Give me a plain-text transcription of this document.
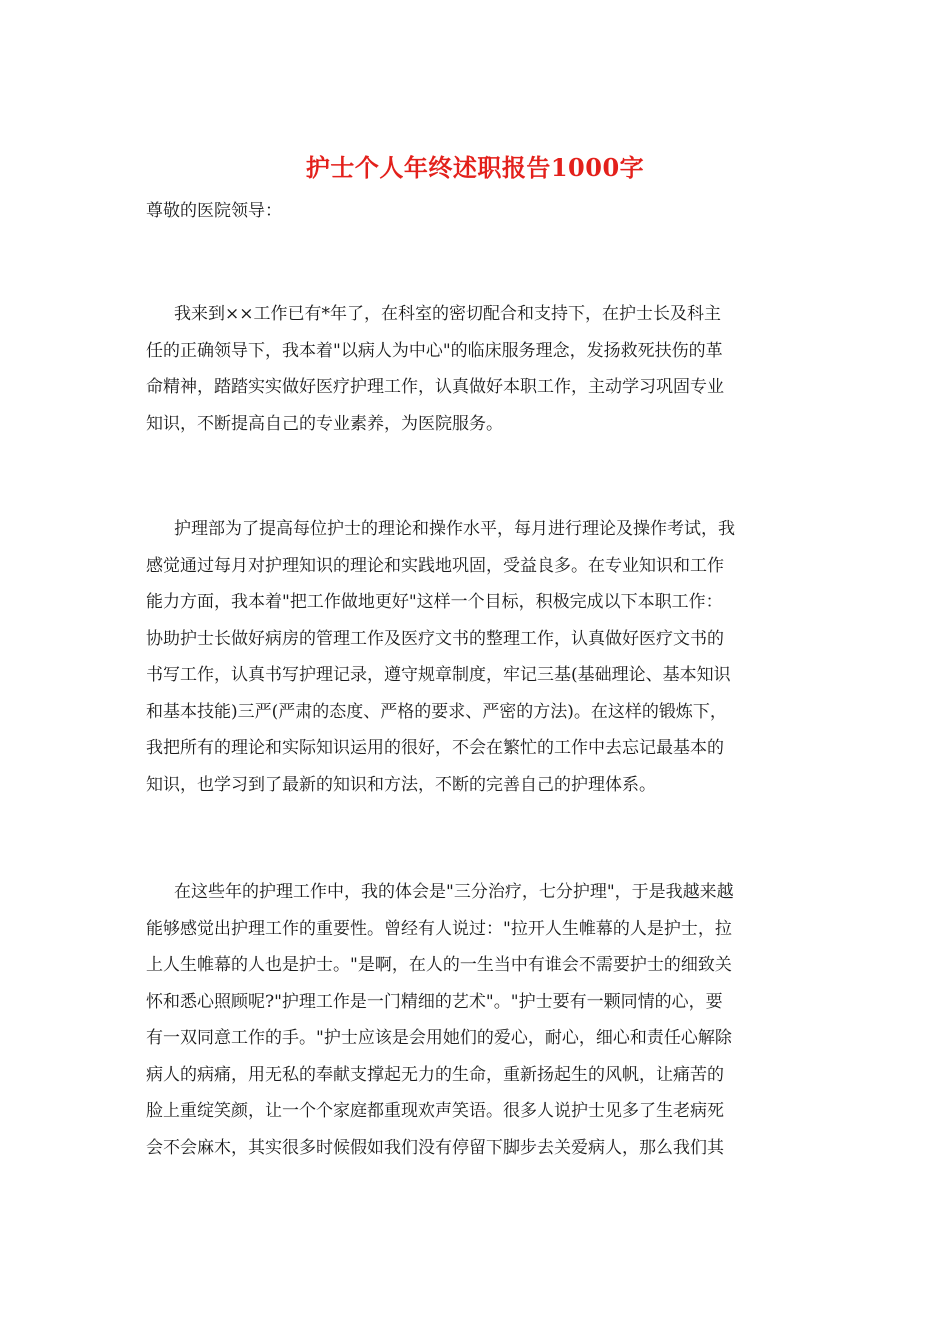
护士个人年终述职报告1000字
尊敬的医院领导：
我来到××工作已有*年了，在科室的密切配合和支持下，在护士长及科主
任的正确领导下，我本着"以病人为中心"的临床服务理念，发扬救死扶伤的革
命精神，踏踏实实做好医疗护理工作，认真做好本职工作，主动学习巩固专业
知识，不断提高自己的专业素养，为医院服务。
护理部为了提高每位护士的理论和操作水平，每月进行理论及操作考试，我
感觉通过每月对护理知识的理论和实践地巩固，受益良多。在专业知识和工作
能力方面，我本着"把工作做地更好"这样一个目标，积极完成以下本职工作：
协助护士长做好病房的管理工作及医疗文书的整理工作，认真做好医疗文书的
书写工作，认真书写护理记录，遵守规章制度，牢记三基(基础理论、基本知识
和基本技能)三严(严肃的态度、严格的要求、严密的方法)。在这样的锻炼下，
我把所有的理论和实际知识运用的很好，不会在繁忙的工作中去忘记最基本的
知识，也学习到了最新的知识和方法，不断的完善自己的护理体系。
在这些年的护理工作中，我的体会是"三分治疗，七分护理"，于是我越来越
能够感觉出护理工作的重要性。曾经有人说过："拉开人生帷幕的人是护士，拉
上人生帷幕的人也是护士。"是啊，在人的一生当中有谁会不需要护士的细致关
怀和悉心照顾呢?"护理工作是一门精细的艺术"。"护士要有一颗同情的心，要
有一双同意工作的手。"护士应该是会用她们的爱心，耐心，细心和责任心解除
病人的病痛，用无私的奉献支撑起无力的生命，重新扬起生的风帆，让痛苦的
脸上重绽笑颜，让一个个家庭都重现欢声笑语。很多人说护士见多了生老病死
会不会麻木，其实很多时候假如我们没有停留下脚步去关爱病人，那么我们其
